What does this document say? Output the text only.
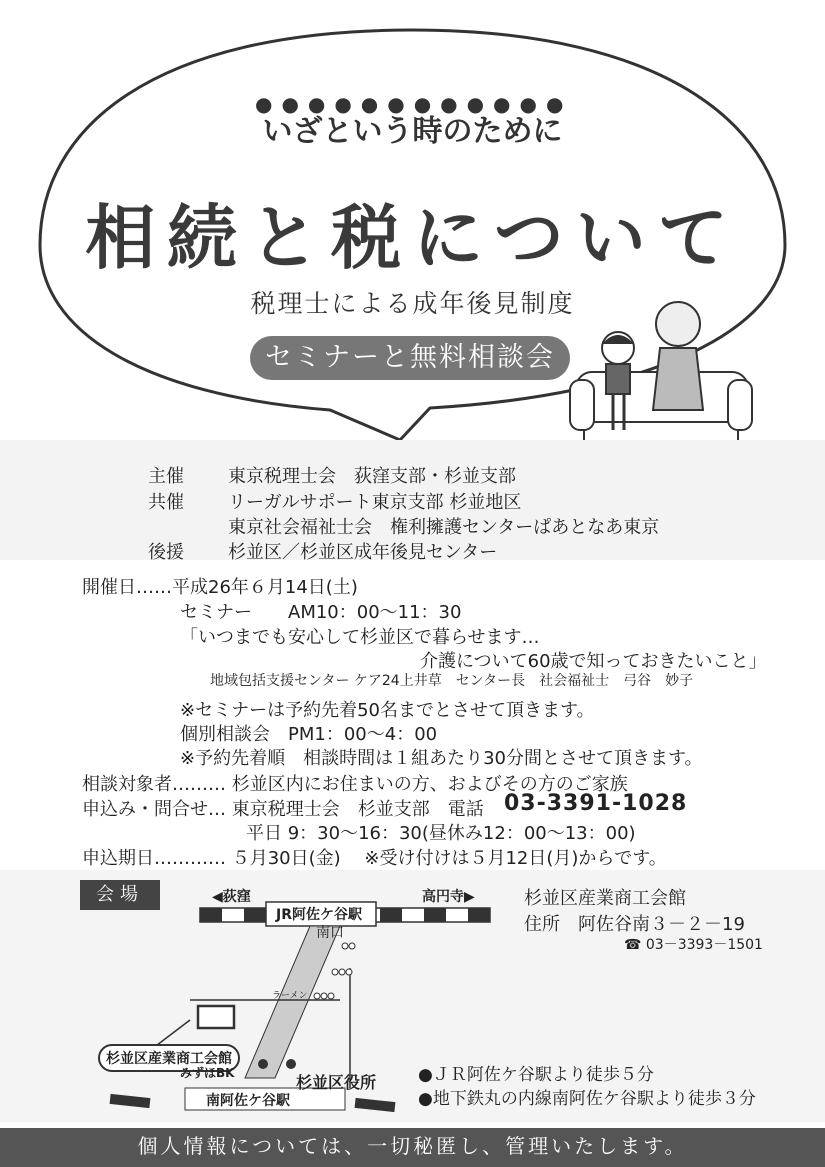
●●●●●●●●●●●●
いざという時のために
相続と税について
税理士による成年後見制度
セミナーと無料相談会
主催 東京税理士会　荻窪支部・杉並支部
共催 リーガルサポート東京支部 杉並地区
東京社会福祉士会　権利擁護センターぱあとなあ東京
後援 杉並区／杉並区成年後見センター
開催日……平成26年６月14日(土)
セミナー　　AM10：00～11：30
「いつまでも安心して杉並区で暮らせます…
介護について60歳で知っておきたいこと」
地域包括支援センター ケア24上井草　センター長　社会福祉士　弓谷　妙子
※セミナーは予約先着50名までとさせて頂きます。
個別相談会　PM1：00～4：00
※予約先着順　相談時間は１組あたり30分間とさせて頂きます。
相談対象者……… 杉並区内にお住まいの方、およびその方のご家族
申込み・問合せ… 東京税理士会　杉並支部　電話 03-3391-1028
平日 9：30～16：30(昼休み12：00～13：00)
申込期日………… ５月30日(金)　 ※受け付けは５月12日(月)からです。
会場	杉並区産業商工会館
住所　阿佐谷南３－２－19
☎ 03－3393－1501
●ＪＲ阿佐ケ谷駅より徒歩５分
●地下鉄丸の内線南阿佐ケ谷駅より徒歩３分
◀荻窪	高円寺▶
JR阿佐ケ谷駅
南口
ラーメン
杉並区産業商工会館
みずほBK	杉並区役所
南阿佐ケ谷駅
個人情報については、一切秘匿し、管理いたします。
